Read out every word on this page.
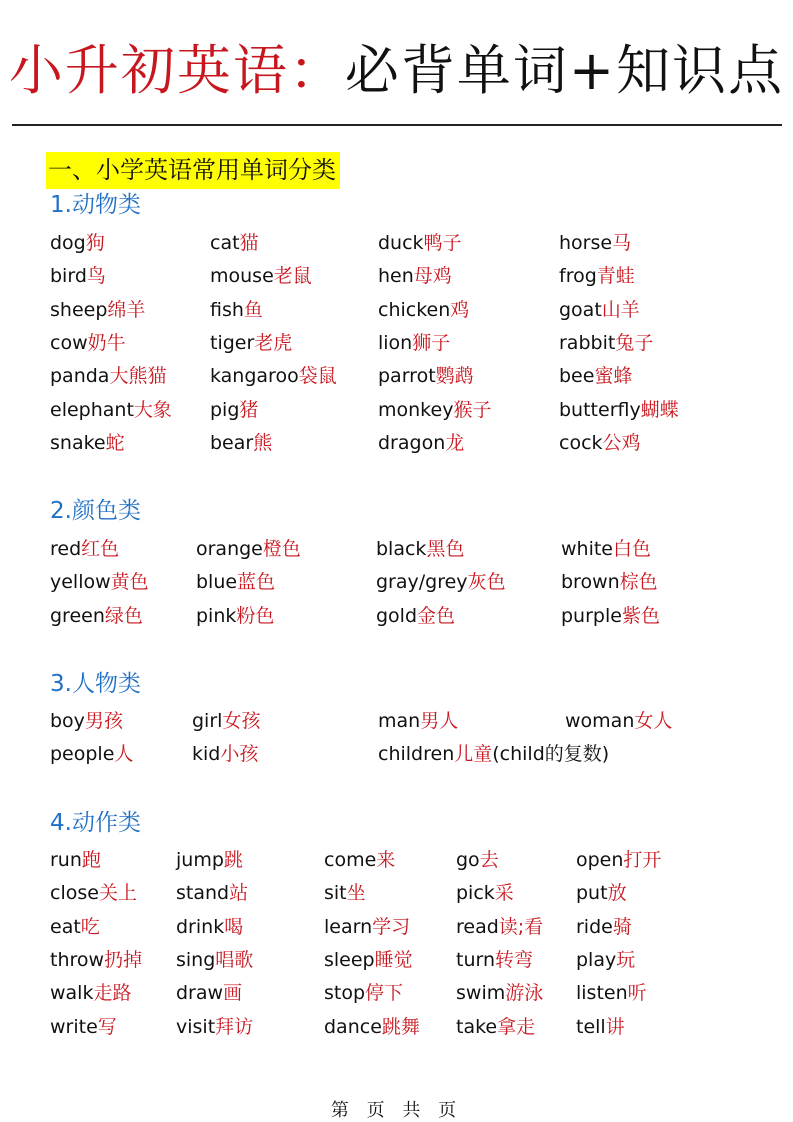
小升初英语：必背单词+知识点
一、小学英语常用单词分类
1.动物类
2.颜色类
3.人物类
4.动作类
dog狗	cat猫	duck鸭子	horse马
bird鸟	mouse老鼠	hen母鸡	frog青蛙
sheep绵羊	fish鱼	chicken鸡	goat山羊
cow奶牛	tiger老虎	lion狮子	rabbit兔子
panda大熊猫 kangaroo袋鼠 parrot鹦鹉	bee蜜蜂
elephant大象 pig猪	monkey猴子	butterfly蝴蝶
snake蛇	bear熊	dragon龙	cock公鸡
red红色	orange橙色	black黑色	white白色
yellow黄色 blue蓝色	gray/grey灰色	brown棕色
green绿色	pink粉色	gold金色	purple紫色
boy男孩	girl女孩	man男人	woman女人
people人	kid小孩	children儿童(child的复数)
run跑	jump跳	come来	go去	open打开
close关上 stand站	sit坐	pick采	put放
eat吃	drink喝	learn学习 read读;看 ride骑
throw扔掉 sing唱歌	sleep睡觉 turn转弯 play玩
walk走路 draw画	stop停下	swim游泳 listen听
write写	visit拜访	dance跳舞 take拿走 tell讲
第 页 共 页
